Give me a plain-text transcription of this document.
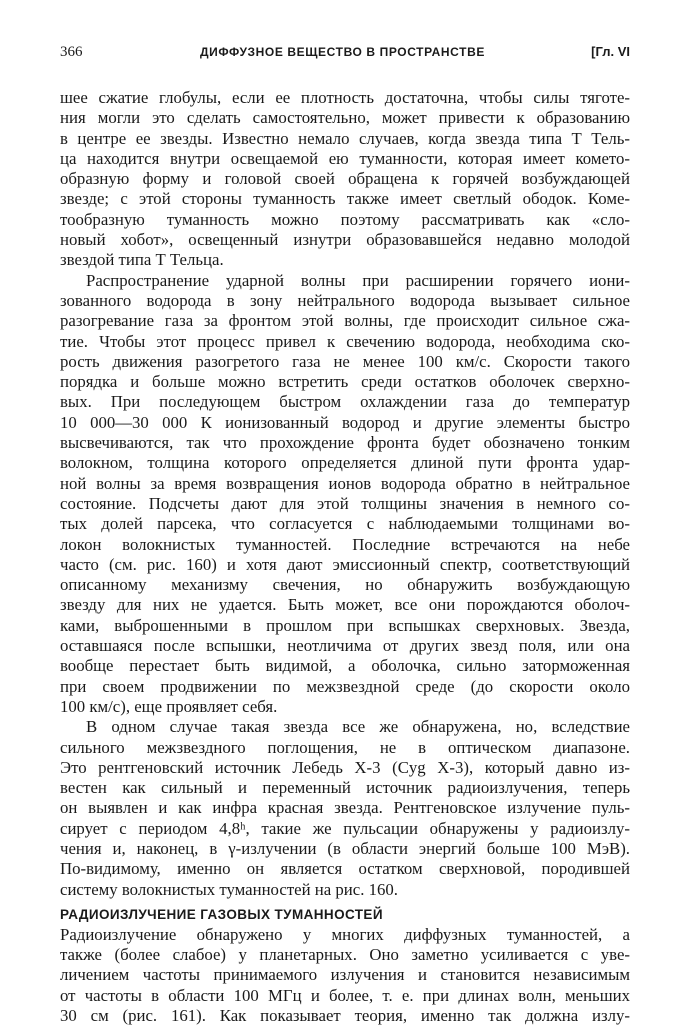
366	ДИФФУЗНОЕ ВЕЩЕСТВО В ПРОСТРАНСТВЕ	[Гл. VI
шее сжатие глобулы, если ее плотность достаточна, чтобы силы тяготе-
ния могли это сделать самостоятельно, может привести к образованию
в центре ее звезды. Известно немало случаев, когда звезда типа Т Тель-
ца находится внутри освещаемой ею туманности, которая имеет комето-
образную форму и головой своей обращена к горячей возбуждающей
звезде; с этой стороны туманность также имеет светлый ободок. Коме-
тообразную туманность можно поэтому рассматривать как «сло-
новый хобот», освещенный изнутри образовавшейся недавно молодой
звездой типа Т Тельца.
Распространение ударной волны при расширении горячего иони-
зованного водорода в зону нейтрального водорода вызывает сильное
разогревание газа за фронтом этой волны, где происходит сильное сжа-
тие. Чтобы этот процесс привел к свечению водорода, необходима ско-
рость движения разогретого газа не менее 100 км/с. Скорости такого
порядка и больше можно встретить среди остатков оболочек сверхно-
вых. При последующем быстром охлаждении газа до температур
10 000—30 000 К ионизованный водород и другие элементы быстро
высвечиваются, так что прохождение фронта будет обозначено тонким
волокном, толщина которого определяется длиной пути фронта удар-
ной волны за время возвращения ионов водорода обратно в нейтральное
состояние. Подсчеты дают для этой толщины значения в немного со-
тых долей парсека, что согласуется с наблюдаемыми толщинами во-
локон волокнистых туманностей. Последние встречаются на небе
часто (см. рис. 160) и хотя дают эмиссионный спектр, соответствующий
описанному механизму свечения, но обнаружить возбуждающую
звезду для них не удается. Быть может, все они порождаются оболоч-
ками, выброшенными в прошлом при вспышках сверхновых. Звезда,
оставшаяся после вспышки, неотличима от других звезд поля, или она
вообще перестает быть видимой, а оболочка, сильно заторможенная
при своем продвижении по межзвездной среде (до скорости около
100 км/с), еще проявляет себя.
В одном случае такая звезда все же обнаружена, но, вследствие
сильного межзвездного поглощения, не в оптическом диапазоне.
Это рентгеновский источник Лебедь Х-3 (Cyg X-3), который давно из-
вестен как сильный и переменный источник радиоизлучения, теперь
он выявлен и как инфра красная звезда. Рентгеновское излучение пуль-
сирует с периодом 4,8ʰ, такие же пульсации обнаружены у радиоизлу-
чения и, наконец, в γ-излучении (в области энергий больше 100 МэВ).
По-видимому, именно он является остатком сверхновой, породившей
систему волокнистых туманностей на рис. 160.
РАДИОИЗЛУЧЕНИЕ ГАЗОВЫХ ТУМАННОСТЕЙ
Радиоизлучение обнаружено у многих диффузных туманностей, а
также (более слабое) у планетарных. Оно заметно усиливается с уве-
личением частоты принимаемого излучения и становится независимым
от частоты в области 100 МГц и более, т. е. при длинах волн, меньших
30 см (рис. 161). Как показывает теория, именно так должна излу-
